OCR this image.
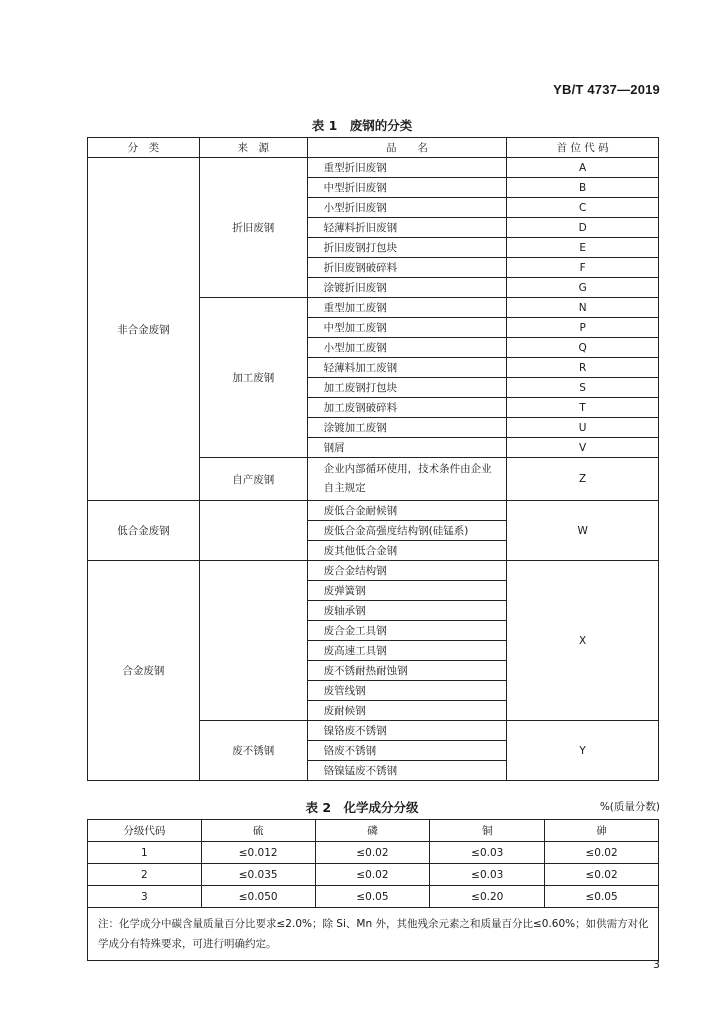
YB/T 4737—2019
表 1　废钢的分类
分　类	来　源	品　　名	首 位 代 码
非合金废钢	折旧废钢	重型折旧废钢	A
		中型折旧废钢	B
		小型折旧废钢	C
		轻薄料折旧废钢	D
		折旧废钢打包块	E
		折旧废钢破碎料	F
		涂镀折旧废钢	G
	加工废钢	重型加工废钢	N
		中型加工废钢	P
		小型加工废钢	Q
		轻薄料加工废钢	R
		加工废钢打包块	S
		加工废钢破碎料	T
		涂镀加工废钢	U
		钢屑	V
	自产废钢	企业内部循环使用，技术条件由企业自主规定	Z
低合金废钢		废低合金耐候钢	W
		废低合金高强度结构钢(硅锰系)	
		废其他低合金钢	
合金废钢		废合金结构钢	X
		废弹簧钢	
		废轴承钢	
		废合金工具钢	
		废高速工具钢	
		废不锈耐热耐蚀钢	
		废管线钢	
		废耐候钢	
	废不锈钢	镍铬废不锈钢	Y
		铬废不锈钢	
		铬镍锰废不锈钢	
表 2　化学成分分级	%(质量分数)
分级代码	硫	磷	铜	砷
1	≤0.012	≤0.02	≤0.03	≤0.02
2	≤0.035	≤0.02	≤0.03	≤0.02
3	≤0.050	≤0.05	≤0.20	≤0.05
注：化学成分中碳含量质量百分比要求≤2.0%；除 Si、Mn 外，其他残余元素之和质量百分比≤0.60%；如供需方对化学成分有特殊要求，可进行明确约定。				
3
